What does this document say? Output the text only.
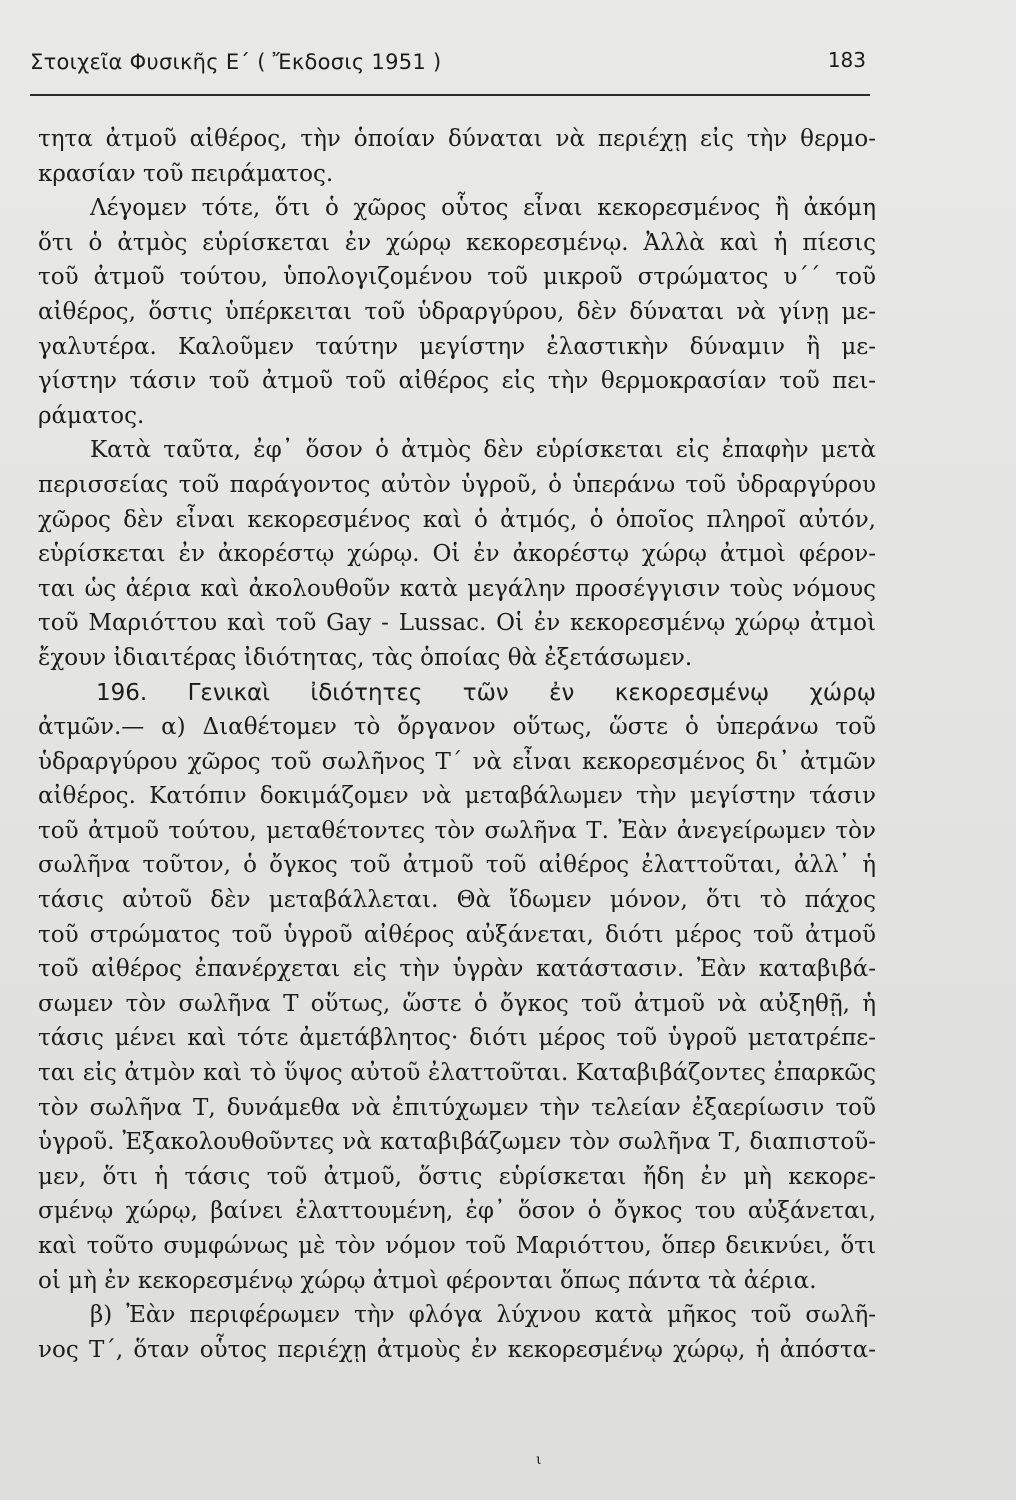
Στοιχεῖα Φυσικῆς Ε΄ ( Ἔκδοσις 1951 )	183
τητα ἀτμοῦ αἰθέρος, τὴν ὁποίαν δύναται νὰ περιέχῃ εἰς τὴν θερμο-
κρασίαν τοῦ πειράματος.
Λέγομεν τότε, ὅτι ὁ χῶρος οὗτος εἶναι κεκορεσμένος ἢ ἀκόμη
ὅτι ὁ ἀτμὸς εὑρίσκεται ἐν χώρῳ κεκορεσμένῳ. Ἀλλὰ καὶ ἡ πίεσις
τοῦ ἀτμοῦ τούτου, ὑπολογιζομένου τοῦ μικροῦ στρώματος υ΄΄ τοῦ
αἰθέρος, ὅστις ὑπέρκειται τοῦ ὑδραργύρου, δὲν δύναται νὰ γίνῃ με-
γαλυτέρα. Καλοῦμεν ταύτην μεγίστην ἐλαστικὴν δύναμιν ἢ με-
γίστην τάσιν τοῦ ἀτμοῦ τοῦ αἰθέρος εἰς τὴν θερμοκρασίαν τοῦ πει-
ράματος.
Κατὰ ταῦτα, ἐφ᾽ ὅσον ὁ ἀτμὸς δὲν εὑρίσκεται εἰς ἐπαφὴν μετὰ
περισσείας τοῦ παράγοντος αὐτὸν ὑγροῦ, ὁ ὑπεράνω τοῦ ὑδραργύρου
χῶρος δὲν εἶναι κεκορεσμένος καὶ ὁ ἀτμός, ὁ ὁποῖος πληροῖ αὐτόν,
εὑρίσκεται ἐν ἀκορέστῳ χώρῳ. Οἱ ἐν ἀκορέστῳ χώρῳ ἀτμοὶ φέρον-
ται ὡς ἀέρια καὶ ἀκολουθοῦν κατὰ μεγάλην προσέγγισιν τοὺς νόμους
τοῦ Μαριόττου καὶ τοῦ Gay - Lussac. Οἱ ἐν κεκορεσμένῳ χώρῳ ἀτμοὶ
ἔχουν ἰδιαιτέρας ἰδιότητας, τὰς ὁποίας θὰ ἐξετάσωμεν.
196. Γενικαὶ ἰδιότητες τῶν ἐν κεκορεσμένῳ χώρῳ
ἀτμῶν.— α) Διαθέτομεν τὸ ὄργανον οὕτως, ὥστε ὁ ὑπεράνω τοῦ
ὑδραργύρου χῶρος τοῦ σωλῆνος Τ΄ νὰ εἶναι κεκορεσμένος δι᾽ ἀτμῶν
αἰθέρος. Κατόπιν δοκιμάζομεν νὰ μεταβάλωμεν τὴν μεγίστην τάσιν
τοῦ ἀτμοῦ τούτου, μεταθέτοντες τὸν σωλῆνα Τ. Ἐὰν ἀνεγείρωμεν τὸν
σωλῆνα τοῦτον, ὁ ὄγκος τοῦ ἀτμοῦ τοῦ αἰθέρος ἐλαττοῦται, ἀλλ᾽ ἡ
τάσις αὐτοῦ δὲν μεταβάλλεται. Θὰ ἴδωμεν μόνον, ὅτι τὸ πάχος
τοῦ στρώματος τοῦ ὑγροῦ αἰθέρος αὐξάνεται, διότι μέρος τοῦ ἀτμοῦ
τοῦ αἰθέρος ἐπανέρχεται εἰς τὴν ὑγρὰν κατάστασιν. Ἐὰν καταβιβά-
σωμεν τὸν σωλῆνα Τ οὕτως, ὥστε ὁ ὄγκος τοῦ ἀτμοῦ νὰ αὐξηθῇ, ἡ
τάσις μένει καὶ τότε ἀμετάβλητος· διότι μέρος τοῦ ὑγροῦ μετατρέπε-
ται εἰς ἀτμὸν καὶ τὸ ὕψος αὐτοῦ ἐλαττοῦται. Καταβιβάζοντες ἐπαρκῶς
τὸν σωλῆνα Τ, δυνάμεθα νὰ ἐπιτύχωμεν τὴν τελείαν ἐξαερίωσιν τοῦ
ὑγροῦ. Ἐξακολουθοῦντες νὰ καταβιβάζωμεν τὸν σωλῆνα Τ, διαπιστοῦ-
μεν, ὅτι ἡ τάσις τοῦ ἀτμοῦ, ὅστις εὑρίσκεται ἤδη ἐν μὴ κεκορε-
σμένῳ χώρῳ, βαίνει ἐλαττουμένη, ἐφ᾽ ὅσον ὁ ὄγκος του αὐξάνεται,
καὶ τοῦτο συμφώνως μὲ τὸν νόμον τοῦ Μαριόττου, ὅπερ δεικνύει, ὅτι
οἱ μὴ ἐν κεκορεσμένῳ χώρῳ ἀτμοὶ φέρονται ὅπως πάντα τὰ ἀέρια.
β) Ἐὰν περιφέρωμεν τὴν φλόγα λύχνου κατὰ μῆκος τοῦ σωλῆ-
νος Τ΄, ὅταν οὗτος περιέχῃ ἀτμοὺς ἐν κεκορεσμένῳ χώρῳ, ἡ ἀπόστα-
ι
